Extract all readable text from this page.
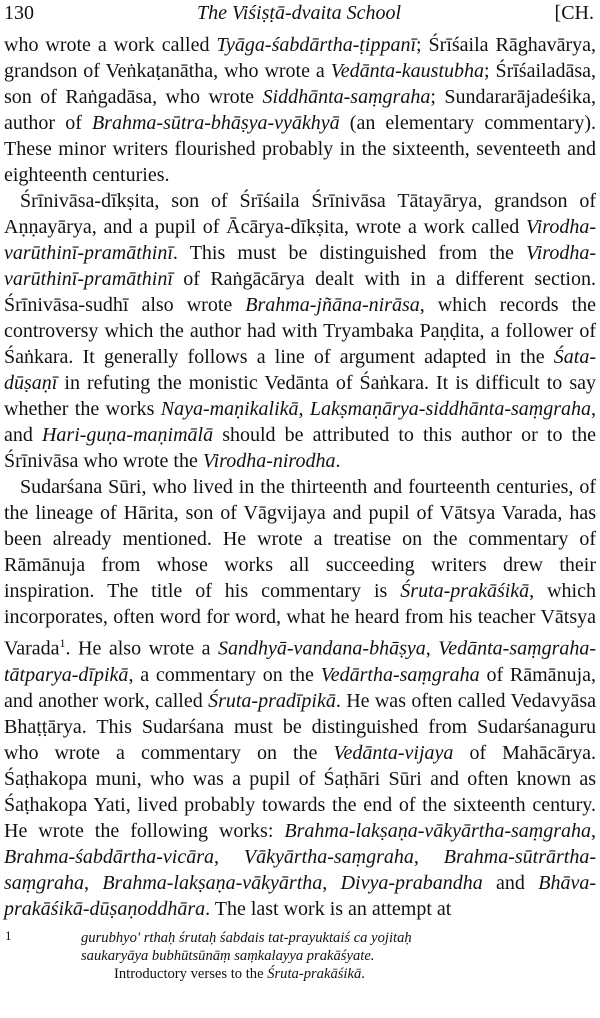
130	The Viśiṣṭā-dvaita School	[CH.

who wrote a work called Tyāga-śabdārtha-ṭippanī; Śrīśaila Rāghavārya, grandson of Veṅkaṭanātha, who wrote a Vedānta-kaustubha; Śrīśailadāsa, son of Raṅgadāsa, who wrote Siddhānta-saṃgraha; Sundararājadeśika, author of Brahma-sūtra-bhāṣya-vyākhyā (an elementary commentary). These minor writers flourished probably in the sixteenth, seventeeth and eighteenth centuries.

Śrīnivāsa-dīkṣita, son of Śrīśaila Śrīnivāsa Tātayārya, grandson of Aṇṇayārya, and a pupil of Ācārya-dīkṣita, wrote a work called Virodha-varūthinī-pramāthinī. This must be distinguished from the Virodha-varūthinī-pramāthinī of Raṅgācārya dealt with in a different section. Śrīnivāsa-sudhī also wrote Brahma-jñāna-nirāsa, which records the controversy which the author had with Tryambaka Paṇḍita, a follower of Śaṅkara. It generally follows a line of argument adapted in the Śata-dūṣaṇī in refuting the monistic Vedānta of Śaṅkara. It is difficult to say whether the works Naya-maṇikalikā, Lakṣmaṇārya-siddhānta-saṃgraha, and Hari-guṇa-maṇimālā should be attributed to this author or to the Śrīnivāsa who wrote the Virodha-nirodha.

Sudarśana Sūri, who lived in the thirteenth and fourteenth centuries, of the lineage of Hārita, son of Vāgvijaya and pupil of Vātsya Varada, has been already mentioned. He wrote a treatise on the commentary of Rāmānuja from whose works all succeeding writers drew their inspiration. The title of his commentary is Śruta-prakāśikā, which incorporates, often word for word, what he heard from his teacher Vātsya Varada$^1$. He also wrote a Sandhyā-vandana-bhāṣya, Vedānta-saṃgraha-tātparya-dīpikā, a commentary on the Vedārtha-saṃgraha of Rāmānuja, and another work, called Śruta-pradīpikā. He was often called Vedavyāsa Bhaṭṭārya. This Sudarśana must be distinguished from Sudarśanaguru who wrote a commentary on the Vedānta-vijaya of Mahācārya. Śaṭhakopa muni, who was a pupil of Śaṭhāri Sūri and often known as Śaṭhakopa Yati, lived probably towards the end of the sixteenth century. He wrote the following works: Brahma-lakṣaṇa-vākyārtha-saṃgraha, Brahma-śabdārtha-vicāra, Vākyārtha-saṃgraha, Brahma-sūtrārtha-saṃgraha, Brahma-lakṣaṇa-vākyārtha, Divya-prabandha and Bhāva-prakāśikā-dūṣaṇoddhāra. The last work is an attempt at

1	gurubhyo' rthaḥ śrutaḥ śabdais tat-prayuktaiś ca yojitaḥ
saukaryāya bubhūtsūnāṃ saṃkalayya prakāśyate.
Introductory verses to the Śruta-prakāśikā.
